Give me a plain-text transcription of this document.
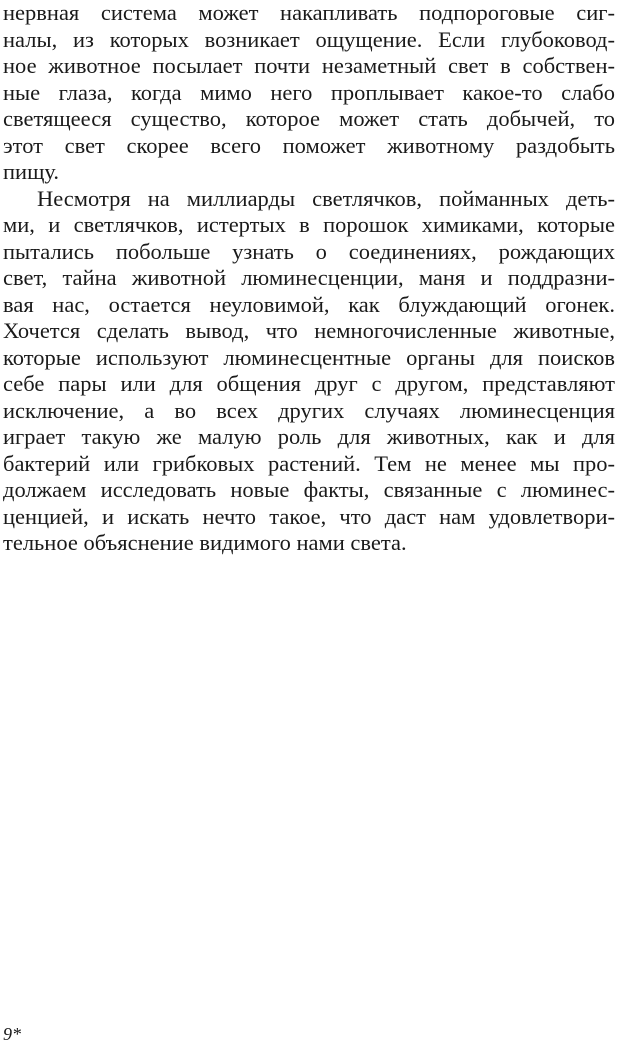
нервная система может накапливать подпороговые сиг-
налы, из которых возникает ощущение. Если глубоковод-
ное животное посылает почти незаметный свет в собствен-
ные глаза, когда мимо него проплывает какое-то слабо
светящееся существо, которое может стать добычей, то
этот свет скорее всего поможет животному раздобыть
пищу.
Несмотря на миллиарды светлячков, пойманных деть-
ми, и светлячков, истертых в порошок химиками, которые
пытались побольше узнать о соединениях, рождающих
свет, тайна животной люминесценции, маня и поддразни-
вая нас, остается неуловимой, как блуждающий огонек.
Хочется сделать вывод, что немногочисленные животные,
которые используют люминесцентные органы для поисков
себе пары или для общения друг с другом, представляют
исключение, а во всех других случаях люминесценция
играет такую же малую роль для животных, как и для
бактерий или грибковых растений. Тем не менее мы про-
должаем исследовать новые факты, связанные с люминес-
ценцией, и искать нечто такое, что даст нам удовлетвори-
тельное объяснение видимого нами света.
9*
